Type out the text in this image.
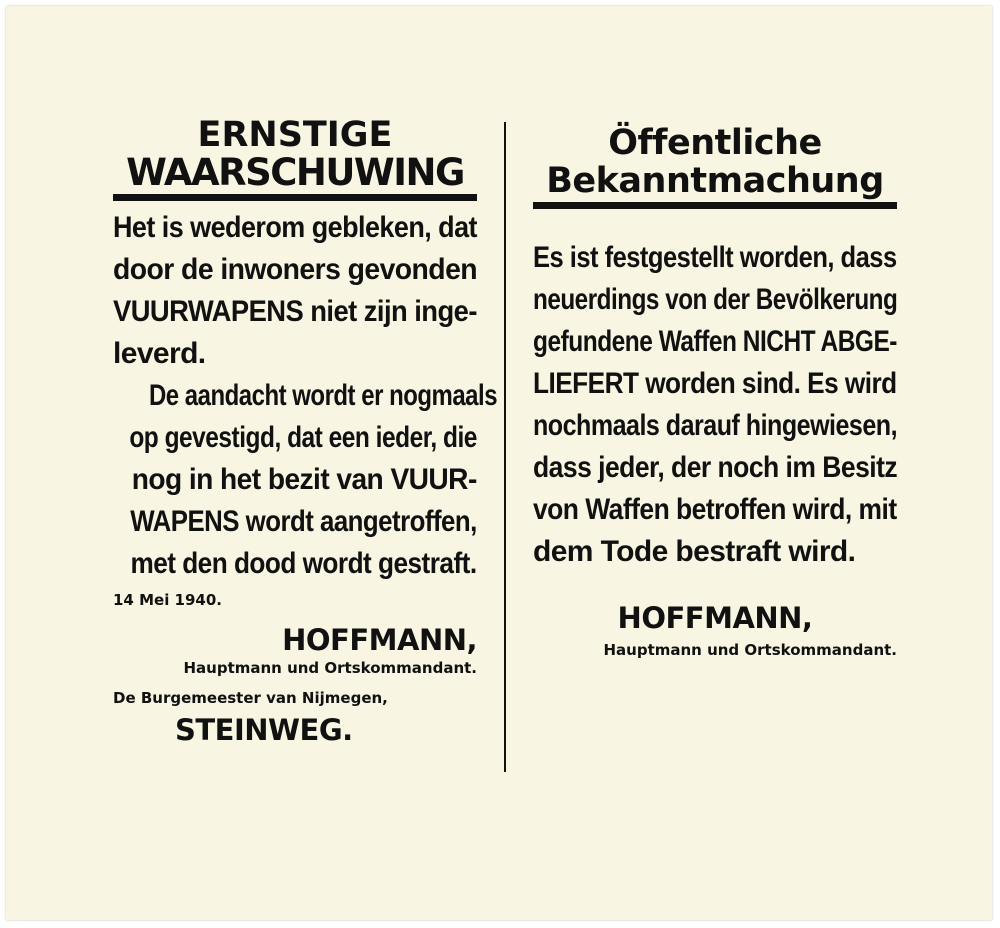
ERNSTIGE
WAARSCHUWING

Het is wederom gebleken, dat
door de inwoners gevonden
VUURWAPENS niet zijn inge-
leverd.

De aandacht wordt er nogmaals
op gevestigd, dat een ieder, die
nog in het bezit van VUUR-
WAPENS wordt aangetroffen,
met den dood wordt gestraft.

14 Mei 1940.
HOFFMANN,
Hauptmann und Ortskommandant.
De Burgemeester van Nijmegen,
STEINWEG.
Öffentliche
Bekanntmachung
Es ist festgestellt worden, dass
neuerdings von der Bevölkerung
gefundene Waffen NICHT ABGE-
LIEFERT worden sind. Es wird
nochmaals darauf hingewiesen,
dass jeder, der noch im Besitz
von Waffen betroffen wird, mit
dem Tode bestraft wird.
HOFFMANN,
Hauptmann und Ortskommandant.
